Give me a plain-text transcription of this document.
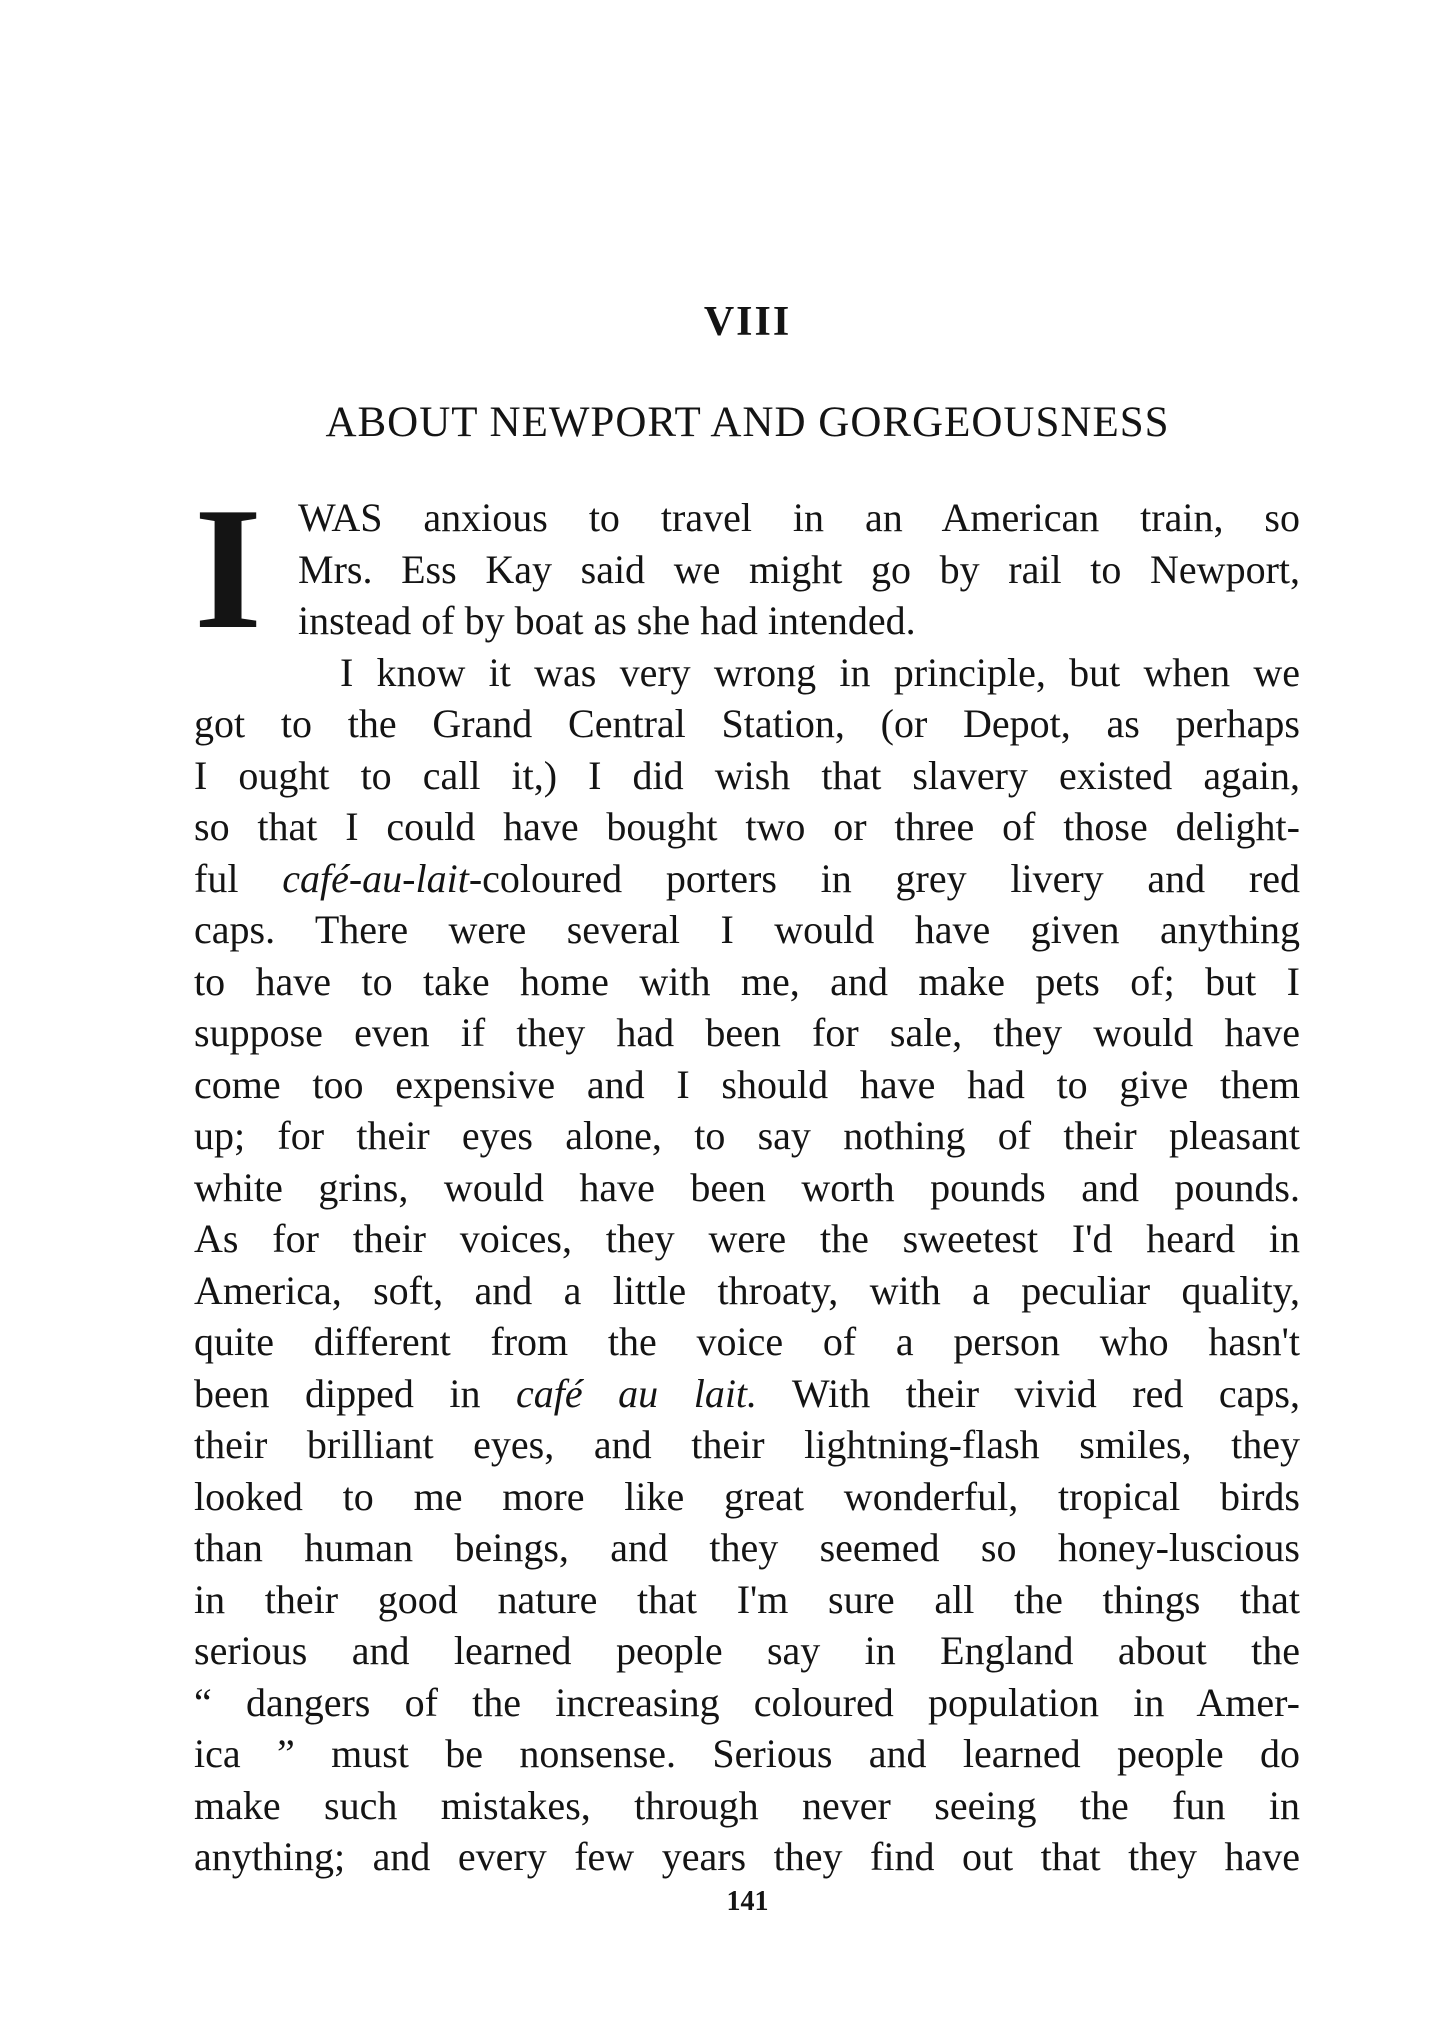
VIII
ABOUT NEWPORT AND GORGEOUSNESS
I WAS anxious to travel in an American train, so
Mrs. Ess Kay said we might go by rail to Newport,
instead of by boat as she had intended.
I know it was very wrong in principle, but when we
got to the Grand Central Station, (or Depot, as perhaps
I ought to call it,) I did wish that slavery existed again,
so that I could have bought two or three of those delight-
ful café-au-lait-coloured porters in grey livery and red
caps. There were several I would have given anything
to have to take home with me, and make pets of; but I
suppose even if they had been for sale, they would have
come too expensive and I should have had to give them
up; for their eyes alone, to say nothing of their pleasant
white grins, would have been worth pounds and pounds.
As for their voices, they were the sweetest I'd heard in
America, soft, and a little throaty, with a peculiar quality,
quite different from the voice of a person who hasn't
been dipped in café au lait. With their vivid red caps,
their brilliant eyes, and their lightning-flash smiles, they
looked to me more like great wonderful, tropical birds
than human beings, and they seemed so honey-luscious
in their good nature that I'm sure all the things that
serious and learned people say in England about the
“ dangers of the increasing coloured population in Amer-
ica ” must be nonsense. Serious and learned people do
make such mistakes, through never seeing the fun in
anything; and every few years they find out that they have
141
